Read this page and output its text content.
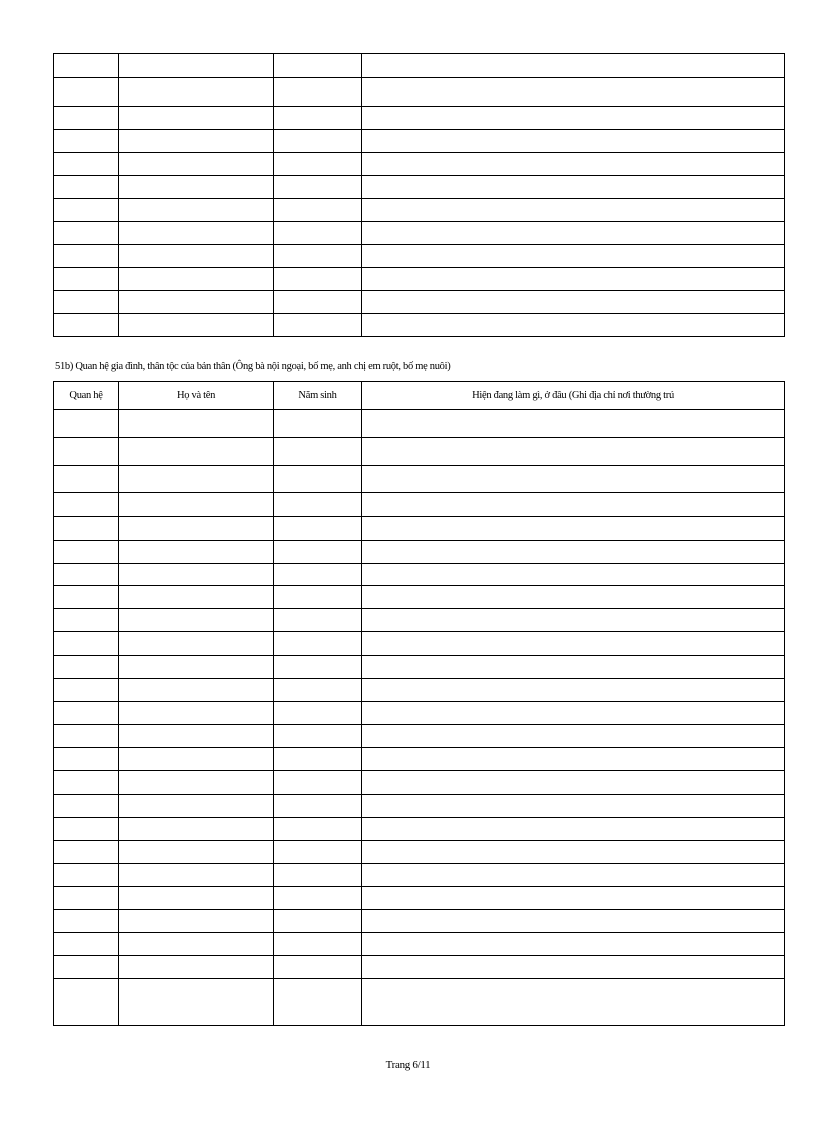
51b) Quan hệ gia đình, thân tộc của bản thân (Ông bà nội ngoại, bố mẹ, anh chị em ruột, bố mẹ nuôi)
Quan hệ	Họ và tên	Năm sinh	Hiện đang làm gì, ở đâu (Ghi địa chỉ nơi thường trú

Trang 6/11
